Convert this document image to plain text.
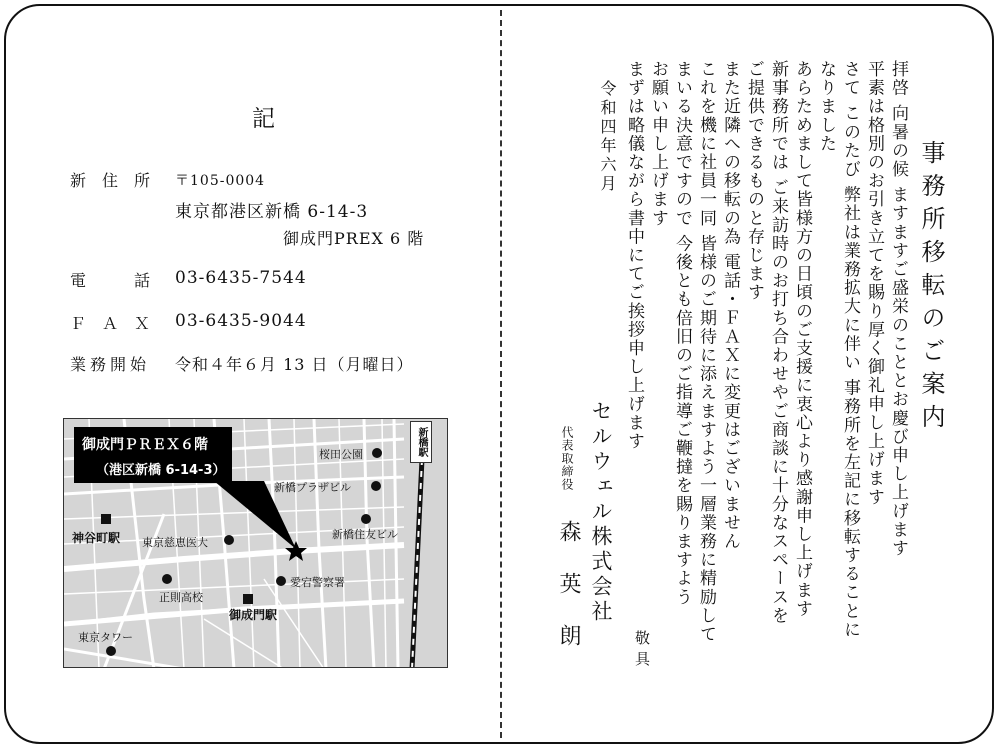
記
新 住 所 〒105-0004
東京都港区新橋 6-14-3
御成門PREX 6 階
電	話 03-6435-7544
Ｆ Ａ Ｘ 03-6435-9044
業務開始 令和４年６月 13 日（月曜日）
御成門ＰＲＥＸ６階
（港区新橋 6-14-3）
新橋駅
桜田公園
新橋プラザビル
新橋住友ビル
神谷町駅 東京慈恵医大
愛宕警察署
正則高校
御成門駅
東京タワー
事務所移転のご案内
拝啓 向暑の候 ますますご盛栄のこととお慶び申し上げます
平素は格別のお引き立てを賜り厚く御礼申し上げます
さて このたび 弊社は業務拡大に伴い 事務所を左記に移転することに
なりました
あらためまして皆様方の日頃のご支援に衷心より感謝申し上げます
新事務所では ご来訪時のお打ち合わせやご商談に十分なスペースを
ご提供できるものと存じます
また近隣への移転の為 電話・ＦＡＸに変更はございません
これを機に社員一同 皆様のご期待に添えますよう一層業務に精励して
まいる決意ですので 今後とも倍旧のご指導ご鞭撻を賜りますよう
お願い申し上げます
まずは略儀ながら書中にてご挨拶申し上げます
敬具
令和四年六月
セルウェル株式会社
代表取締役
森英朗
